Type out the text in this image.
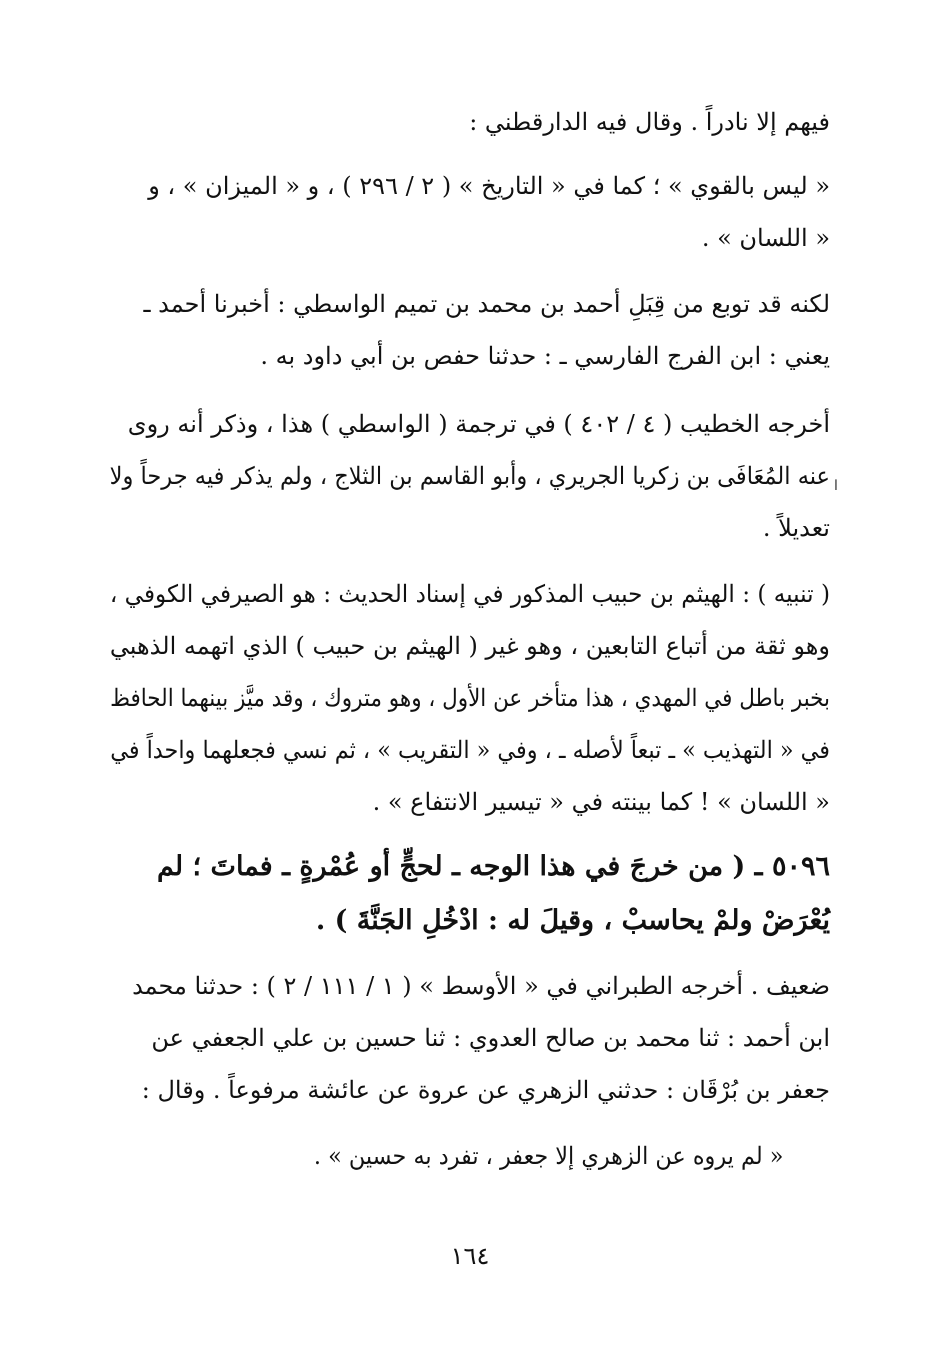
فيهم إلا نادراً . وقال فيه الدارقطني :
« ليس بالقوي » ؛ كما في « التاريخ » ( ٢ / ٢٩٦ ) ، و « الميزان » ، و
« اللسان » .
لكنه قد توبع من قِبَلِ أحمد بن محمد بن تميم الواسطي : أخبرنا أحمد ـ
يعني : ابن الفرج الفارسي ـ : حدثنا حفص بن أبي داود به .
أخرجه الخطيب ( ٤ / ٤٠٢ ) في ترجمة ( الواسطي ) هذا ، وذكر أنه روى
عنه المُعَافَى بن زكريا الجريري ، وأبو القاسم بن الثلاج ، ولم يذكر فيه جرحاً ولا
تعديلاً .
ا
( تنبيه ) : الهيثم بن حبيب المذكور في إسناد الحديث : هو الصيرفي الكوفي ،
وهو ثقة من أتباع التابعين ، وهو غير ( الهيثم بن حبيب ) الذي اتهمه الذهبي
بخبر باطل في المهدي ، هذا متأخر عن الأول ، وهو متروك ، وقد ميَّز بينهما الحافظ
في « التهذيب » ـ تبعاً لأصله ـ ، وفي « التقريب » ، ثم نسي فجعلهما واحداً في
« اللسان » ! كما بينته في « تيسير الانتفاع » .
٥٠٩٦ ـ ( من خرجَ في هذا الوجه ـ لحجٍّ أو عُمْرةٍ ـ فماتَ ؛ لم
يُعْرَضْ ولمْ يحاسبْ ، وقيلَ له : ادْخُلِ الجَنَّةَ ) .
ضعيف . أخرجه الطبراني في « الأوسط » ( ١ / ١١١ / ٢ ) : حدثنا محمد
ابن أحمد : ثنا محمد بن صالح العدوي : ثنا حسين بن علي الجعفي عن
جعفر بن بُرْقَان : حدثني الزهري عن عروة عن عائشة مرفوعاً . وقال :
« لم يروه عن الزهري إلا جعفر ، تفرد به حسين » .
١٦٤
